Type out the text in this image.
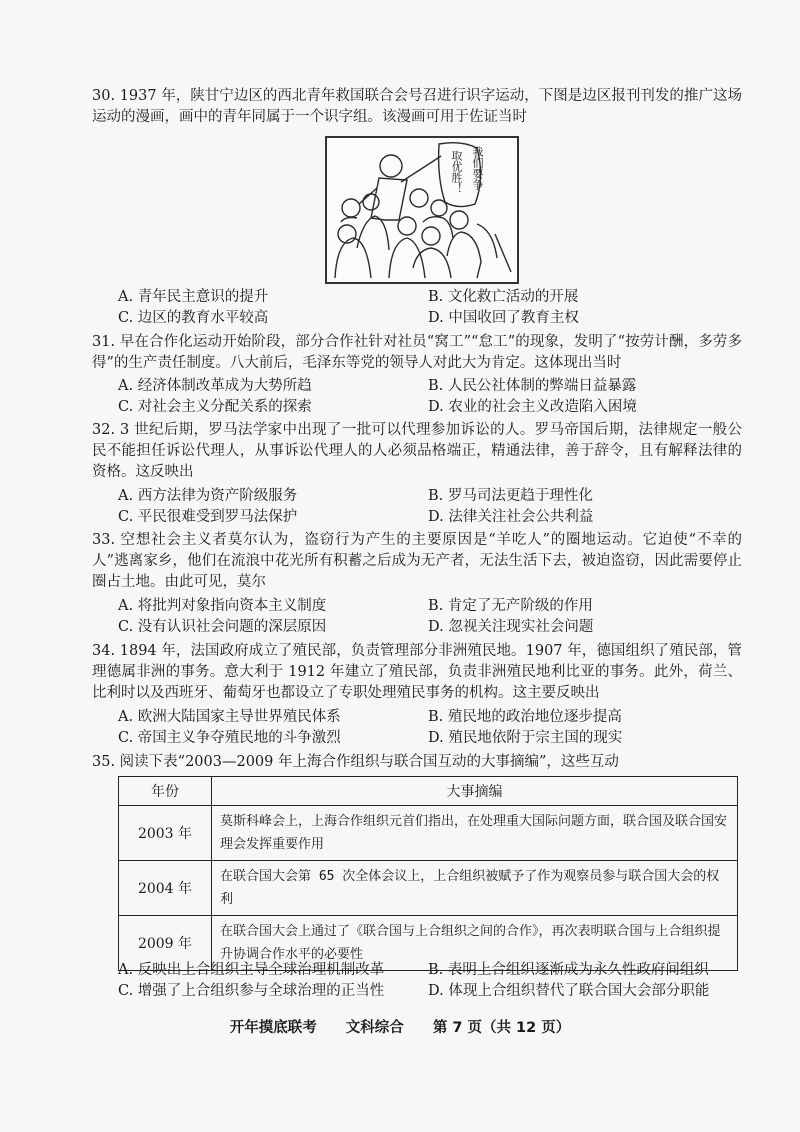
30. 1937 年，陕甘宁边区的西北青年救国联合会号召进行识字运动，下图是边区报刊刊发的推广这场运动的漫画，画中的青年同属于一个识字组。该漫画可用于佐证当时
我们要争
取优胜！
A. 青年民主意识的提升	B. 文化救亡活动的开展
C. 边区的教育水平较高	D. 中国收回了教育主权
31. 早在合作化运动开始阶段，部分合作社针对社员“窝工”“怠工”的现象，发明了“按劳计酬，多劳多得”的生产责任制度。八大前后，毛泽东等党的领导人对此大为肯定。这体现出当时
A. 经济体制改革成为大势所趋	B. 人民公社体制的弊端日益暴露
C. 对社会主义分配关系的探索	D. 农业的社会主义改造陷入困境
32. 3 世纪后期，罗马法学家中出现了一批可以代理参加诉讼的人。罗马帝国后期，法律规定一般公民不能担任诉讼代理人，从事诉讼代理人的人必须品格端正，精通法律，善于辞令，且有解释法律的资格。这反映出
A. 西方法律为资产阶级服务	B. 罗马司法更趋于理性化
C. 平民很难受到罗马法保护	D. 法律关注社会公共利益
33. 空想社会主义者莫尔认为，盗窃行为产生的主要原因是“羊吃人”的圈地运动。它迫使“不幸的人”逃离家乡，他们在流浪中花光所有积蓄之后成为无产者，无法生活下去，被迫盗窃，因此需要停止圈占土地。由此可见，莫尔
A. 将批判对象指向资本主义制度	B. 肯定了无产阶级的作用
C. 没有认识社会问题的深层原因	D. 忽视关注现实社会问题
34. 1894 年，法国政府成立了殖民部，负责管理部分非洲殖民地。1907 年，德国组织了殖民部，管理德属非洲的事务。意大利于 1912 年建立了殖民部，负责非洲殖民地利比亚的事务。此外，荷兰、比利时以及西班牙、葡萄牙也都设立了专职处理殖民事务的机构。这主要反映出
A. 欧洲大陆国家主导世界殖民体系	B. 殖民地的政治地位逐步提高
C. 帝国主义争夺殖民地的斗争激烈	D. 殖民地依附于宗主国的现实
35. 阅读下表“2003—2009 年上海合作组织与联合国互动的大事摘编”，这些互动
年份	大事摘编
2003 年	莫斯科峰会上，上海合作组织元首们指出，在处理重大国际问题方面，联合国及联合国安理会发挥重要作用
2004 年	在联合国大会第 65 次全体会议上，上合组织被赋予了作为观察员参与联合国大会的权利
2009 年	在联合国大会上通过了《联合国与上合组织之间的合作》，再次表明联合国与上合组织提升协调合作水平的必要性
A. 反映出上合组织主导全球治理机制改革	B. 表明上合组织逐渐成为永久性政府间组织
C. 增强了上合组织参与全球治理的正当性	D. 体现上合组织替代了联合国大会部分职能
开年摸底联考 文科综合 第 7 页（共 12 页）
